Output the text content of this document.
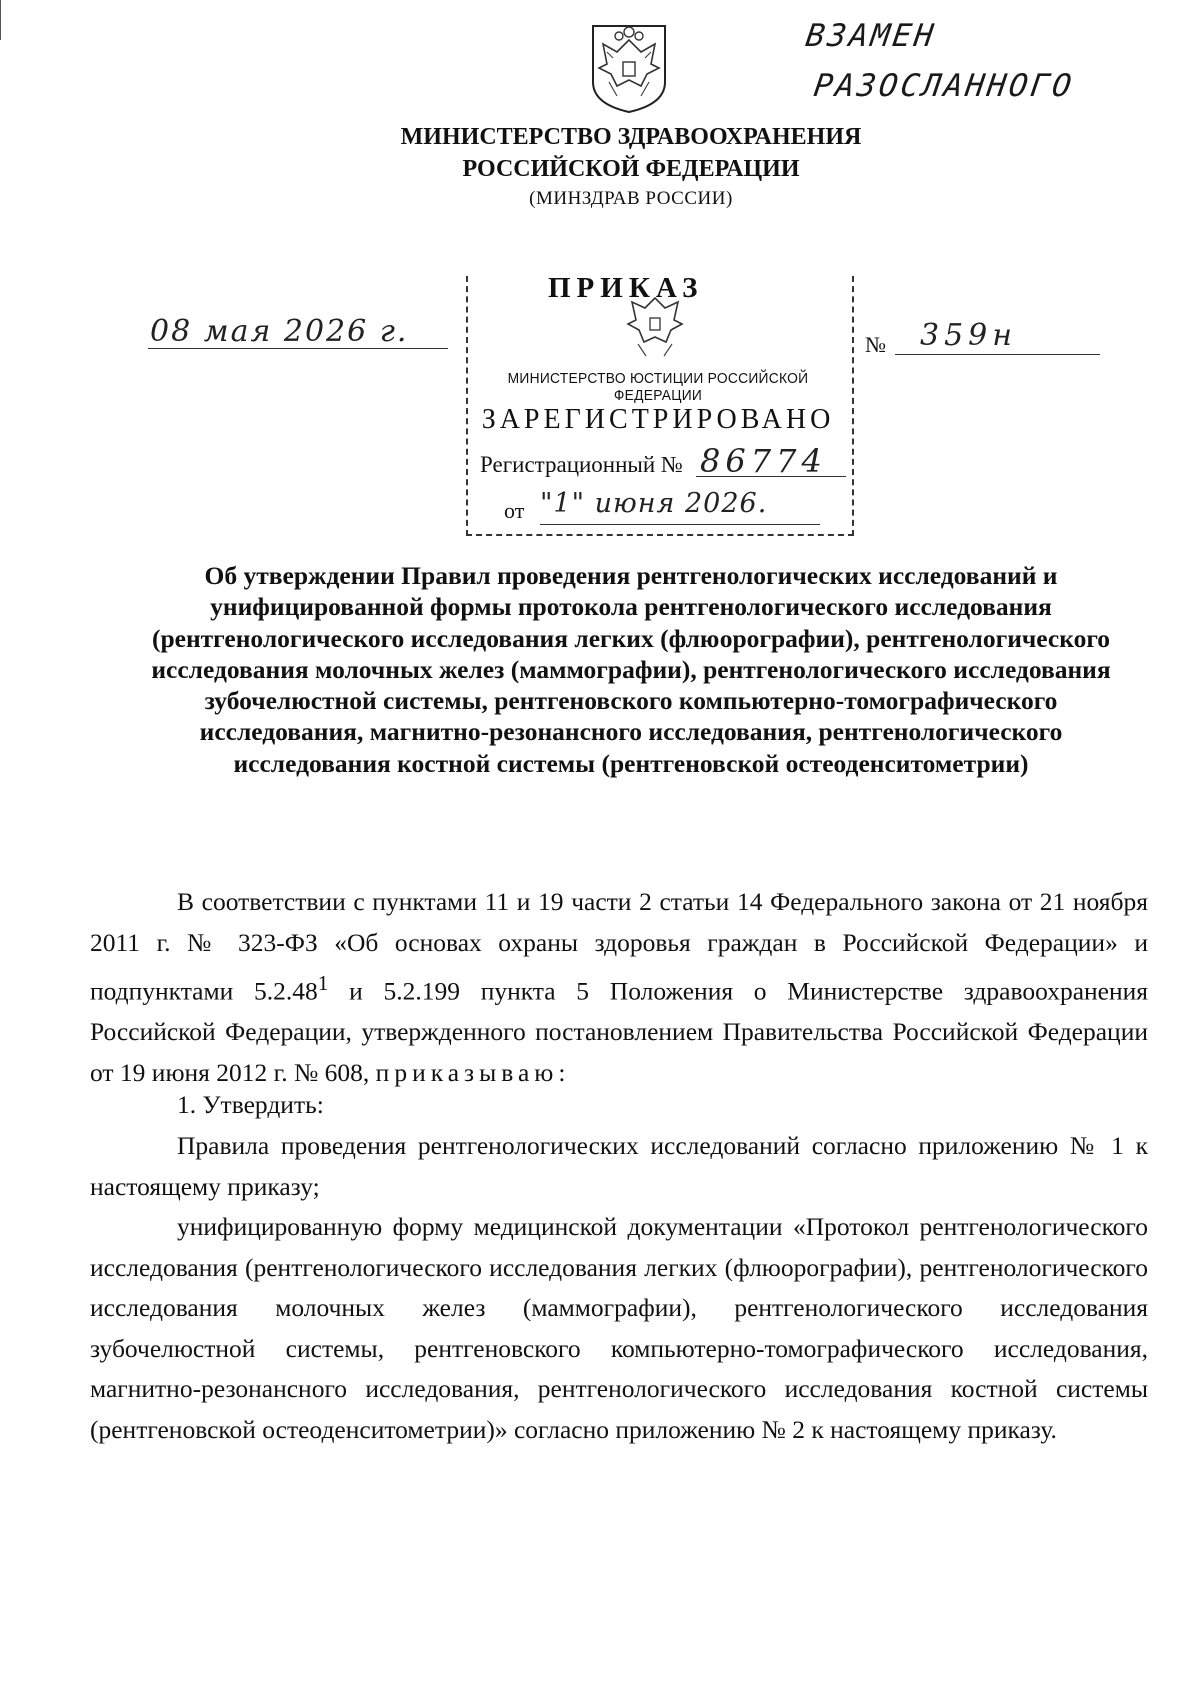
ВЗАМЕН
РАЗОСЛАННОГО
МИНИСТЕРСТВО ЗДРАВООХРАНЕНИЯ
РОССИЙСКОЙ ФЕДЕРАЦИИ
(МИНЗДРАВ РОССИИ)
ПРИКАЗ
08 мая 2026 г.	№ 359н
МИНИСТЕРСТВО ЮСТИЦИИ РОССИЙСКОЙ ФЕДЕРАЦИИ
ЗАРЕГИСТРИРОВАНО
Регистрационный № 86774
от "1" июня 2026.
Об утверждении Правил проведения рентгенологических исследований и унифицированной формы протокола рентгенологического исследования (рентгенологического исследования легких (флюорографии), рентгенологического исследования молочных желез (маммографии), рентгенологического исследования зубочелюстной системы, рентгеновского компьютерно-томографического исследования, магнитно-резонансного исследования, рентгенологического исследования костной системы (рентгеновской остеоденситометрии)
В соответствии с пунктами 11 и 19 части 2 статьи 14 Федерального закона от 21 ноября 2011 г. № 323-ФЗ «Об основах охраны здоровья граждан в Российской Федерации» и подпунктами 5.2.48$^1$ и 5.2.199 пункта 5 Положения о Министерстве здравоохранения Российской Федерации, утвержденного постановлением Правительства Российской Федерации от 19 июня 2012 г. № 608, приказываю:
1. Утвердить:
Правила проведения рентгенологических исследований согласно приложению № 1 к настоящему приказу;
унифицированную форму медицинской документации «Протокол рентгенологического исследования (рентгенологического исследования легких (флюорографии), рентгенологического исследования молочных желез (маммографии), рентгенологического исследования зубочелюстной системы, рентгеновского компьютерно-томографического исследования, магнитно-резонансного исследования, рентгенологического исследования костной системы (рентгеновской остеоденситометрии)» согласно приложению № 2 к настоящему приказу.
